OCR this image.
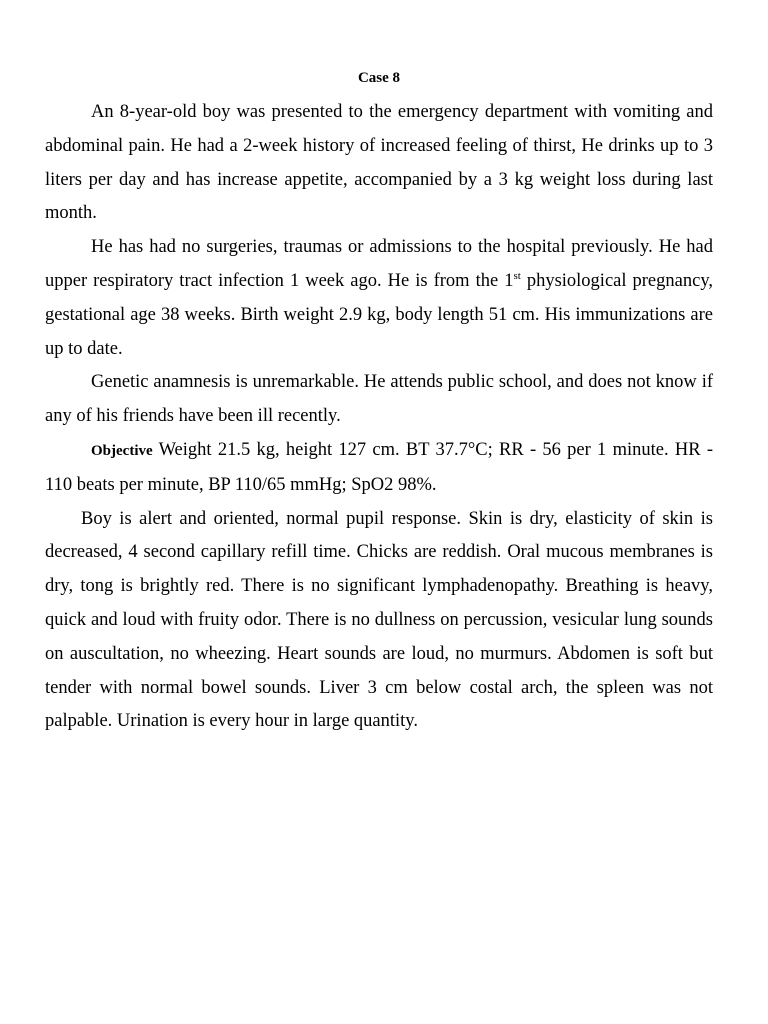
Case 8

An 8-year-old boy was presented to the emergency department with vomiting and abdominal pain. He had a 2-week history of increased feeling of thirst, He drinks up to 3 liters per day and has increase appetite, accompanied by a 3 kg weight loss during last month.

He has had no surgeries, traumas or admissions to the hospital previously. He had upper respiratory tract infection 1 week ago. He is from the 1st physiological pregnancy, gestational age 38 weeks. Birth weight 2.9 kg, body length 51 cm. His immunizations are up to date.

Genetic anamnesis is unremarkable. He attends public school, and does not know if any of his friends have been ill recently.

Objective Weight 21.5 kg, height 127 cm. BT 37.7°C; RR - 56 per 1 minute. HR - 110 beats per minute, BP 110/65 mmHg; SpO2 98%.

Boy is alert and oriented, normal pupil response. Skin is dry, elasticity of skin is decreased, 4 second capillary refill time. Chicks are reddish. Oral mucous membranes is dry, tong is brightly red. There is no significant lymphadenopathy. Breathing is heavy, quick and loud with fruity odor. There is no dullness on percussion, vesicular lung sounds on auscultation, no wheezing. Heart sounds are loud, no murmurs. Abdomen is soft but tender with normal bowel sounds. Liver 3 cm below costal arch, the spleen was not palpable. Urination is every hour in large quantity.
